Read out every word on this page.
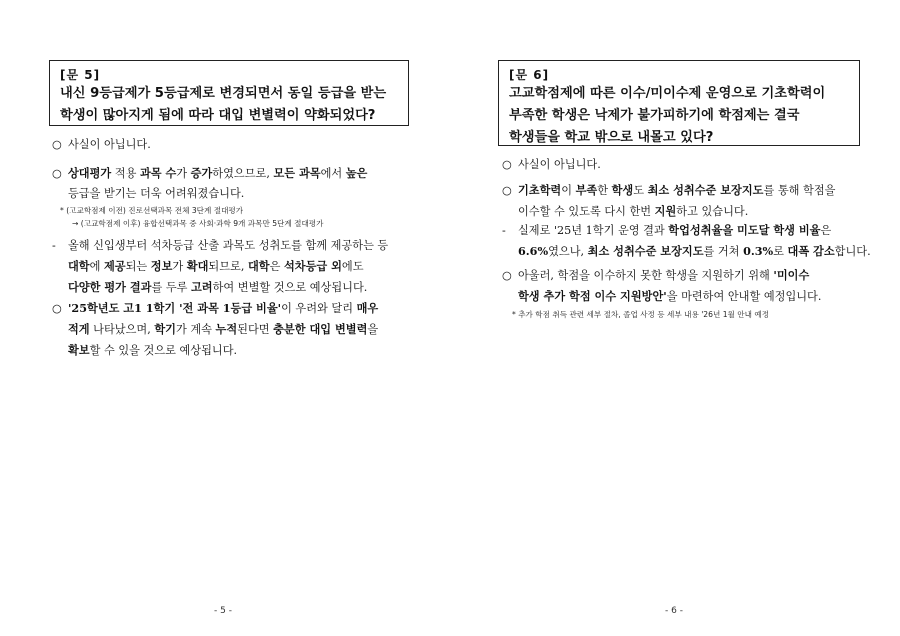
[문 5]
내신 9등급제가 5등급제로 변경되면서 동일 등급을 받는
학생이 많아지게 됨에 따라 대입 변별력이 약화되었다?
○ 사실이 아닙니다.
○ 상대평가 적용 과목 수가 증가하였으므로, 모든 과목에서 높은
등급을 받기는 더욱 어려워졌습니다.
* (고교학점제 이전) 진로선택과목 전체 3단계 절대평가
→ (고교학점제 이후) 융합선택과목 중 사회·과학 9개 과목만 5단계 절대평가
- 올해 신입생부터 석차등급 산출 과목도 성취도를 함께 제공하는 등
대학에 제공되는 정보가 확대되므로, 대학은 석차등급 외에도
다양한 평가 결과를 두루 고려하여 변별할 것으로 예상됩니다.
○ '25학년도 고1 1학기 '전 과목 1등급 비율'이 우려와 달리 매우
적게 나타났으며, 학기가 계속 누적된다면 충분한 대입 변별력을
확보할 수 있을 것으로 예상됩니다.
- 5 -
[문 6]
고교학점제에 따른 이수/미이수제 운영으로 기초학력이
부족한 학생은 낙제가 불가피하기에 학점제는 결국
학생들을 학교 밖으로 내몰고 있다?
○ 사실이 아닙니다.
○ 기초학력이 부족한 학생도 최소 성취수준 보장지도를 통해 학점을
이수할 수 있도록 다시 한번 지원하고 있습니다.
- 실제로 '25년 1학기 운영 결과 학업성취율을 미도달 학생 비율은
6.6%였으나, 최소 성취수준 보장지도를 거쳐 0.3%로 대폭 감소합니다.
○ 아울러, 학점을 이수하지 못한 학생을 지원하기 위해 '미이수
학생 추가 학점 이수 지원방안'을 마련하여 안내할 예정입니다.
* 추가 학점 취득 관련 세부 절차, 졸업 사정 등 세부 내용 '26년 1월 안내 예정
- 6 -
